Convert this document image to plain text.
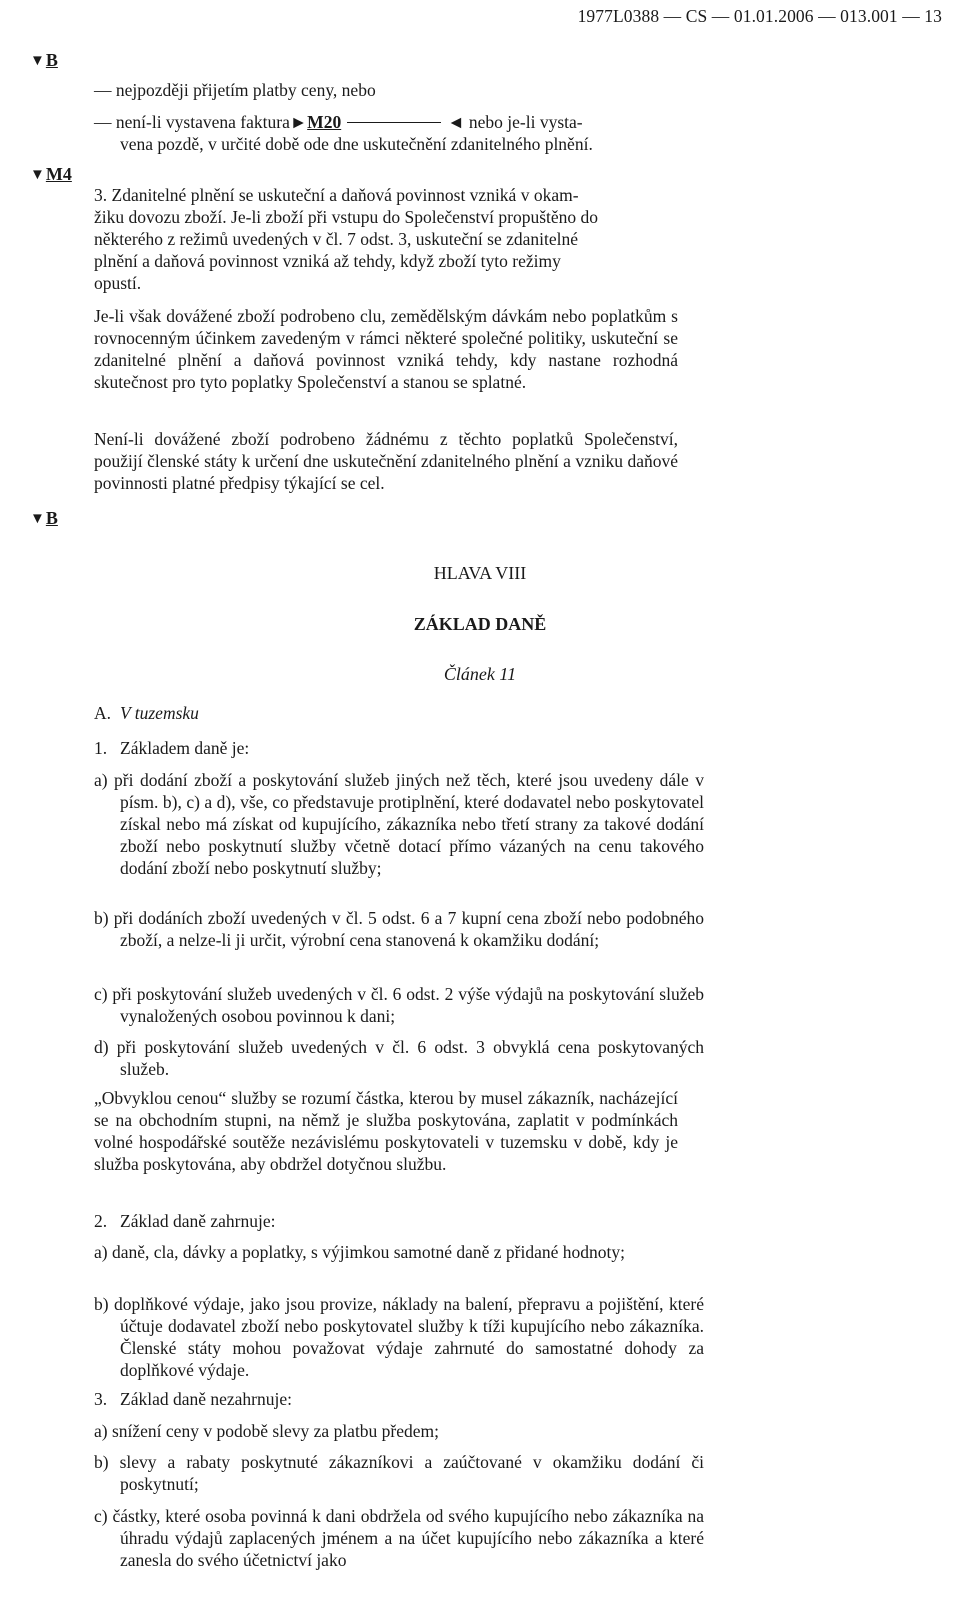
1977L0388 — CS — 01.01.2006 — 013.001 — 13
▼B
▼M4
▼B
— nejpozději přijetím platby ceny, nebo
— není-li vystavena faktura►M20	◄ nebo je-li vysta-
vena pozdě, v určité době ode dne uskutečnění zdanitelného plnění.
3. Zdanitelné plnění se uskuteční a daňová povinnost vzniká v okam-
žiku dovozu zboží. Je-li zboží při vstupu do Společenství propuštěno do
některého z režimů uvedených v čl. 7 odst. 3, uskuteční se zdanitelné
plnění a daňová povinnost vzniká až tehdy, když zboží tyto režimy
opustí.
Je-li však dovážené zboží podrobeno clu, zemědělským dávkám nebo poplatkům s rovnocenným účinkem zavedeným v rámci některé společné politiky, uskuteční se zdanitelné plnění a daňová povinnost vzniká tehdy, kdy nastane rozhodná skutečnost pro tyto poplatky Společenství a stanou se splatné.
Není-li dovážené zboží podrobeno žádnému z těchto poplatků Společenství, použijí členské státy k určení dne uskutečnění zdanitelného plnění a vzniku daňové povinnosti platné předpisy týkající se cel.
HLAVA VIII
ZÁKLAD DANĚ
Článek 11
A. V tuzemsku
1. Základem daně je:
a) při dodání zboží a poskytování služeb jiných než těch, které jsou uvedeny dále v písm. b), c) a d), vše, co představuje protiplnění, které dodavatel nebo poskytovatel získal nebo má získat od kupujícího, zákazníka nebo třetí strany za takové dodání zboží nebo poskytnutí služby včetně dotací přímo vázaných na cenu takového dodání zboží nebo poskytnutí služby;
b) při dodáních zboží uvedených v čl. 5 odst. 6 a 7 kupní cena zboží nebo podobného zboží, a nelze-li ji určit, výrobní cena stanovená k okamžiku dodání;
c) při poskytování služeb uvedených v čl. 6 odst. 2 výše výdajů na poskytování služeb vynaložených osobou povinnou k dani;
d) při poskytování služeb uvedených v čl. 6 odst. 3 obvyklá cena poskytovaných služeb.
„Obvyklou cenou“ služby se rozumí částka, kterou by musel zákazník, nacházející se na obchodním stupni, na němž je služba poskytována, zaplatit v podmínkách volné hospodářské soutěže nezávislému poskytovateli v tuzemsku v době, kdy je služba poskytována, aby obdržel dotyčnou službu.
2. Základ daně zahrnuje:
a) daně, cla, dávky a poplatky, s výjimkou samotné daně z přidané hodnoty;
b) doplňkové výdaje, jako jsou provize, náklady na balení, přepravu a pojištění, které účtuje dodavatel zboží nebo poskytovatel služby k tíži kupujícího nebo zákazníka. Členské státy mohou považovat výdaje zahrnuté do samostatné dohody za doplňkové výdaje.
3. Základ daně nezahrnuje:
a) snížení ceny v podobě slevy za platbu předem;
b) slevy a rabaty poskytnuté zákazníkovi a zaúčtované v okamžiku dodání či poskytnutí;
c) částky, které osoba povinná k dani obdržela od svého kupujícího nebo zákazníka na úhradu výdajů zaplacených jménem a na účet kupujícího nebo zákazníka a které zanesla do svého účetnictví jako
